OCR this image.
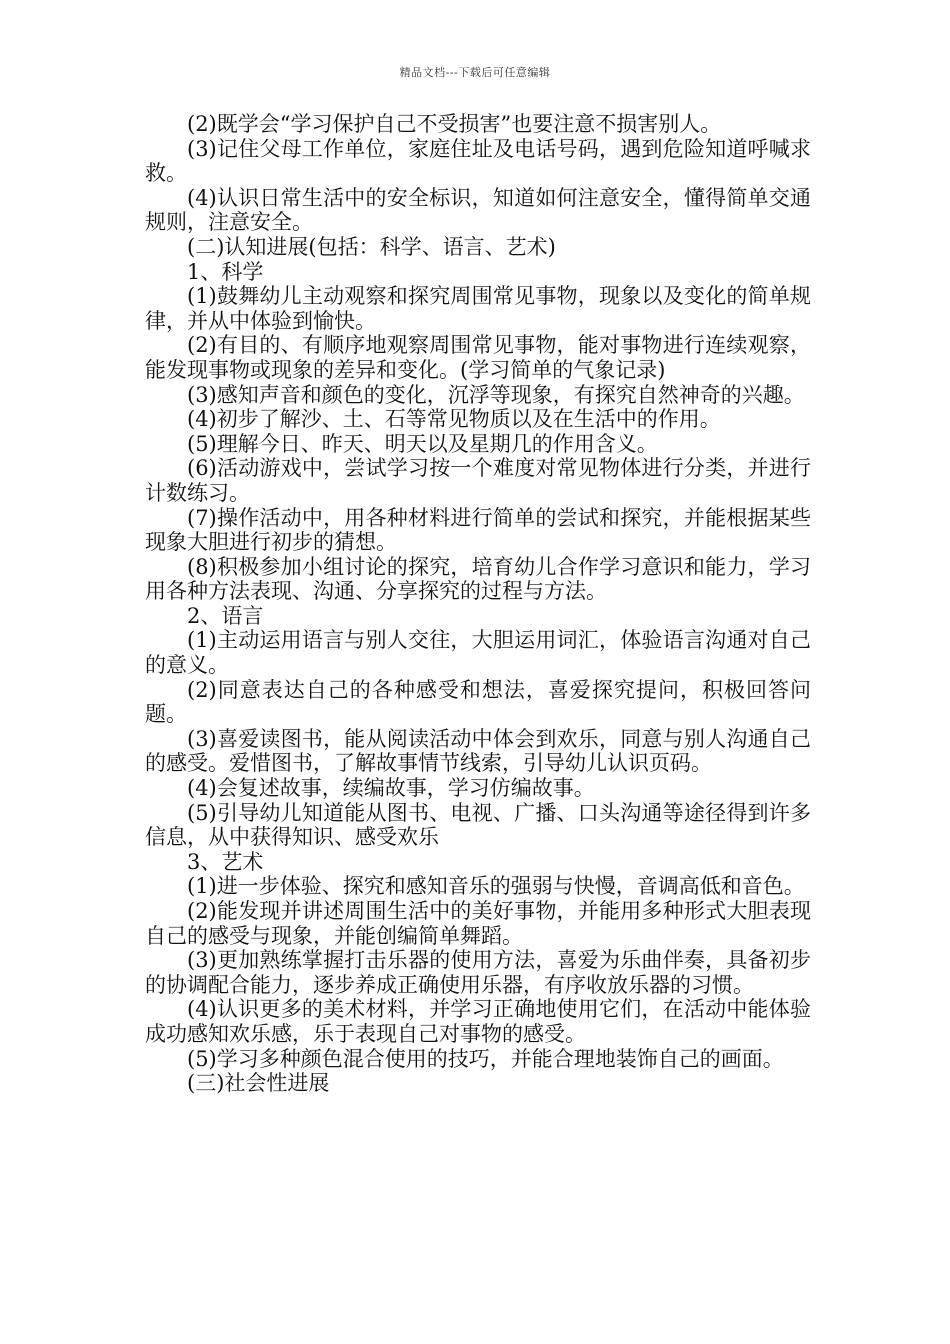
精品文档---下载后可任意编辑

(2)既学会“学习保护自己不受损害”也要注意不损害别人。

(3)记住父母工作单位，家庭住址及电话号码，遇到危险知道呼喊求救。

(4)认识日常生活中的安全标识，知道如何注意安全，懂得简单交通规则，注意安全。

(二)认知进展(包括：科学、语言、艺术)

1、科学

(1)鼓舞幼儿主动观察和探究周围常见事物，现象以及变化的简单规律，并从中体验到愉快。

(2)有目的、有顺序地观察周围常见事物，能对事物进行连续观察，能发现事物或现象的差异和变化。(学习简单的气象记录)

(3)感知声音和颜色的变化，沉浮等现象，有探究自然神奇的兴趣。

(4)初步了解沙、土、石等常见物质以及在生活中的作用。

(5)理解今日、昨天、明天以及星期几的作用含义。

(6)活动游戏中，尝试学习按一个难度对常见物体进行分类，并进行计数练习。

(7)操作活动中，用各种材料进行简单的尝试和探究，并能根据某些现象大胆进行初步的猜想。

(8)积极参加小组讨论的探究，培育幼儿合作学习意识和能力，学习用各种方法表现、沟通、分享探究的过程与方法。

2、语言

(1)主动运用语言与别人交往，大胆运用词汇，体验语言沟通对自己的意义。

(2)同意表达自己的各种感受和想法，喜爱探究提问，积极回答问题。

(3)喜爱读图书，能从阅读活动中体会到欢乐，同意与别人沟通自己的感受。爱惜图书，了解故事情节线索，引导幼儿认识页码。

(4)会复述故事，续编故事，学习仿编故事。

(5)引导幼儿知道能从图书、电视、广播、口头沟通等途径得到许多信息，从中获得知识、感受欢乐

3、艺术

(1)进一步体验、探究和感知音乐的强弱与快慢，音调高低和音色。

(2)能发现并讲述周围生活中的美好事物，并能用多种形式大胆表现自己的感受与现象，并能创编简单舞蹈。

(3)更加熟练掌握打击乐器的使用方法，喜爱为乐曲伴奏，具备初步的协调配合能力，逐步养成正确使用乐器，有序收放乐器的习惯。

(4)认识更多的美术材料，并学习正确地使用它们，在活动中能体验成功感知欢乐感，乐于表现自己对事物的感受。

(5)学习多种颜色混合使用的技巧，并能合理地装饰自己的画面。

(三)社会性进展
